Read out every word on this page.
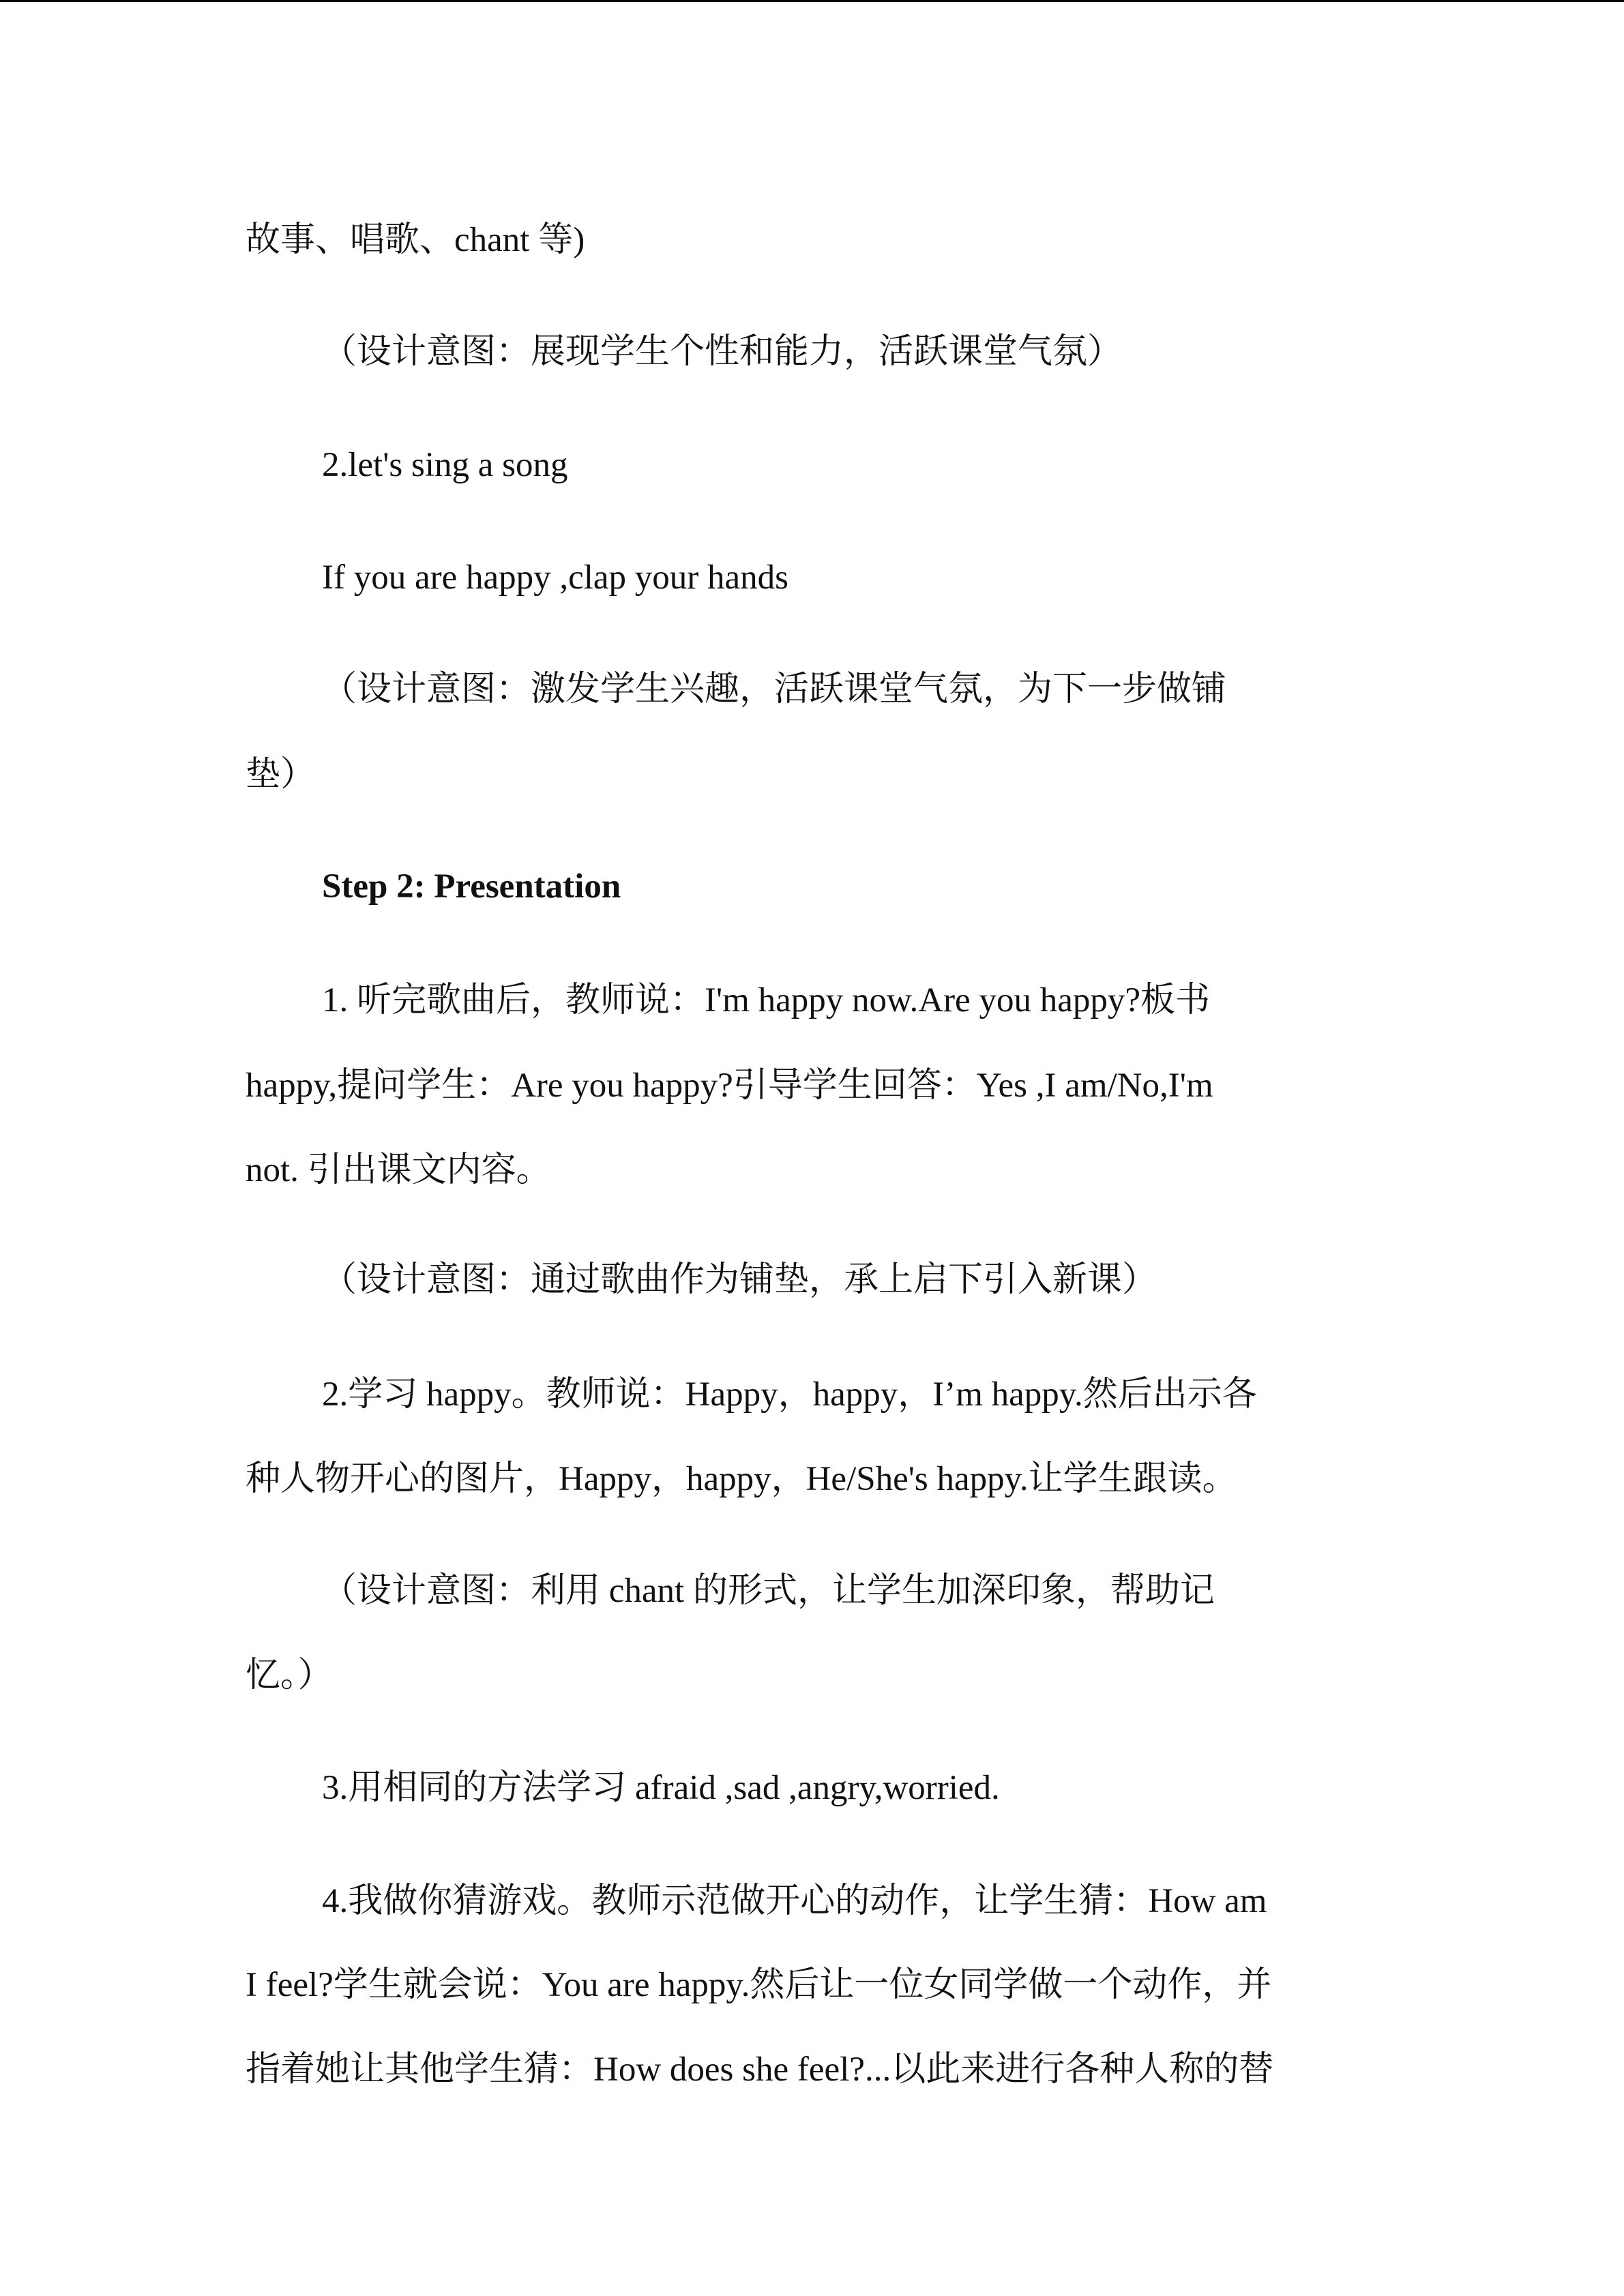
故事、唱歌、chant 等)
（设计意图：展现学生个性和能力，活跃课堂气氛）
2.let's sing a song
If you are happy ,clap your hands
（设计意图：激发学生兴趣，活跃课堂气氛，为下一步做铺
垫）
Step 2: Presentation
1. 听完歌曲后，教师说：I'm happy now.Are you happy?板书
happy,提问学生：Are you happy?引导学生回答：Yes ,I am/No,I'm
not. 引出课文内容。
（设计意图：通过歌曲作为铺垫，承上启下引入新课）
2.学习 happy。教师说：Happy，happy，I’m happy.然后出示各
种人物开心的图片，Happy，happy，He/She's happy.让学生跟读。
（设计意图：利用 chant 的形式，让学生加深印象，帮助记
忆。）
3.用相同的方法学习 afraid ,sad ,angry,worried.
4.我做你猜游戏。教师示范做开心的动作，让学生猜：How am
I feel?学生就会说：You are happy.然后让一位女同学做一个动作，并
指着她让其他学生猜：How does she feel?...以此来进行各种人称的替
